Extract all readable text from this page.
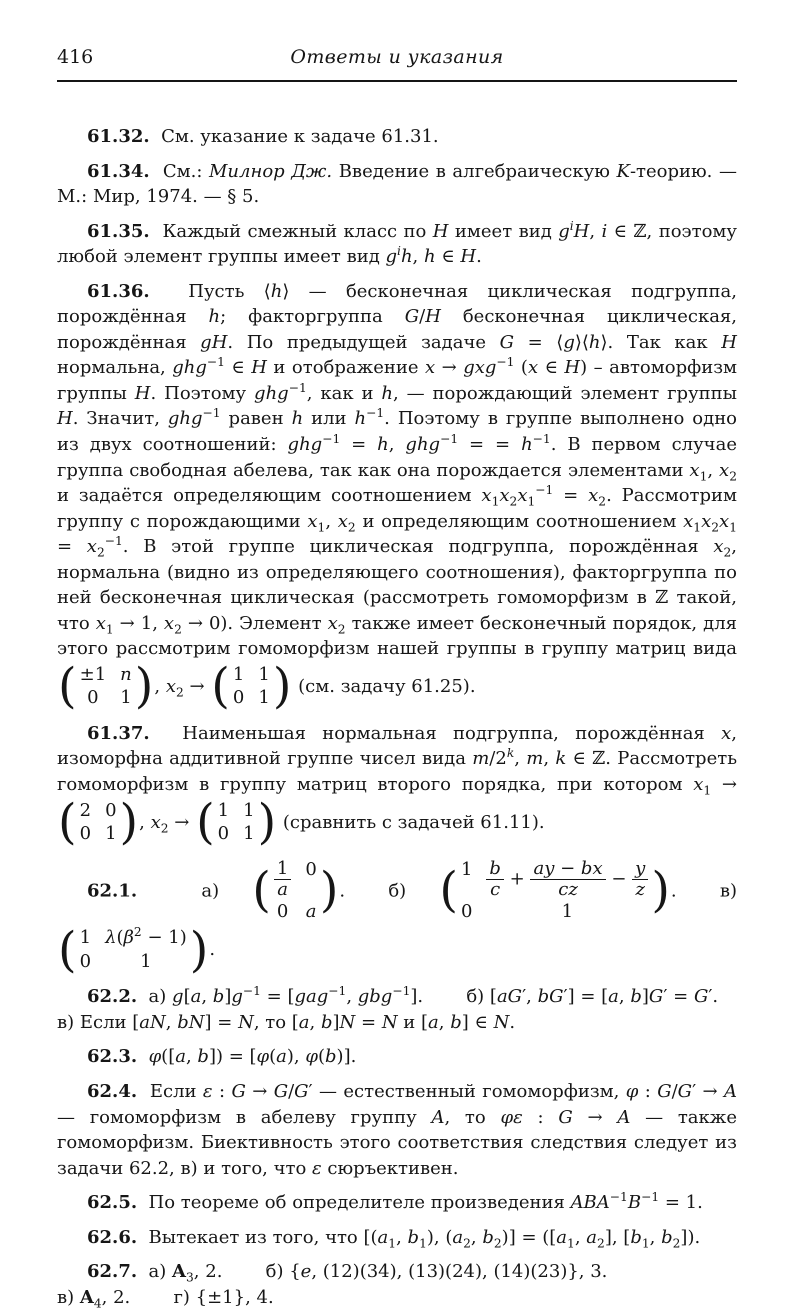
416	Ответы и указания

61.32.  См. указание к задаче 61.31.

61.34.  См.: Милнор Дж. Введение в алгебраическую K-теорию. — М.: Мир, 1974. — § 5.

61.35.  Каждый смежный класс по H имеет вид $g^iH$, i ∈ ℤ, поэтому любой элемент группы имеет вид $g^ih$, h ∈ H.

61.36.  Пусть ⟨h⟩ — бесконечная циклическая подгруппа, порождённая h; факторгруппа G/H бесконечная циклическая, порождённая gH. По предыдущей задаче G = ⟨g⟩⟨h⟩. Так как H нормальна, ghg$^{-1}$ ∈ H и отображение x → gxg$^{-1}$ (x ∈ H) – автоморфизм группы H. Поэтому ghg$^{-1}$, как и h, — порождающий элемент группы H. Значит, ghg$^{-1}$ равен h или $h^{-1}$. Поэтому в группе выполнено одно из двух соотношений: ghg$^{-1}$ = h, ghg$^{-1}$ = = $h^{-1}$. В первом случае группа свободная абелева, так как она порождается элементами $x_1$, $x_2$ и задаётся определяющим соотношением $x_1x_2x_1^{-1} = x_2$. Рассмотрим группу с порождающими $x_1$, $x_2$ и определяющим соотношением $x_1x_2x_1 = x_2^{-1}$. В этой группе циклическая подгруппа, порождённая $x_2$, нормальна (видно из определяющего соотношения), факторгруппа по ней бесконечная циклическая (рассмотреть гомоморфизм в ℤ такой, что $x_1 \to 1$, $x_2 \to 0$). Элемент $x_2$ также имеет бесконечный порядок, для этого рассмотрим гомоморфизм нашей группы в группу матриц вида
( ±1 n
0	1 ) , $x_2$ → ( 1 1
0 1 ) (см. задачу 61.25).

61.37.  Наименьшая нормальная подгруппа, порождённая x, изоморфна аддитивной группе чисел вида m/2$^k$, m, k ∈ ℤ. Рассмотреть гомоморфизм в группу матриц второго порядка, при котором $x_1$ →
( 2 0
0 1 ) , $x_2$ → ( 1 1
0 1 ) (сравнить с задачей 61.11).

62.1.  а) ( $\frac{1}{a} 0$
0 a ) . б) ( $1 \frac{b}{c} + \frac{ay - bx}{cz} - \frac{y}{z}$
0	1	) . в)
( 1 $\lambda(\beta^2 - 1)$
0	1 ) .

62.2.  а) g[a, $b]g^{-1} = [gag^{-1}$, gbg$^{-1}$]. б) [aG′, bG′] = [a, b]G′ = G′.
в) Если [aN, bN] = N, то [a, b]N = N и [a, b] ∈ N.

62.3. φ([a, b]) = [φ(a), φ(b)].

62.4.  Если ε : G → G/G′ — естественный гомоморфизм, φ : G/G′ → A — гомоморфизм в абелеву группу A, то φε : G → A — также гомоморфизм. Биективность этого соответствия следствия следует из задачи 62.2, в) и того, что ε сюръективен.

62.5.  По теореме об определителе произведения $ABA^{-1}B^{-1} = 1$.

62.6.  Вытекает из того, что [($a_1$, $b_1$), ($a_2$, $b_2)] = ([a_1$, $a_2$], [$b_1$, $b_2$]).

62.7.  а) $A_3$, 2. б) {e, (12)(34), (13)(24), (14)(23)}, 3.
в) $A_4$, 2. г) {±1}, 4.
